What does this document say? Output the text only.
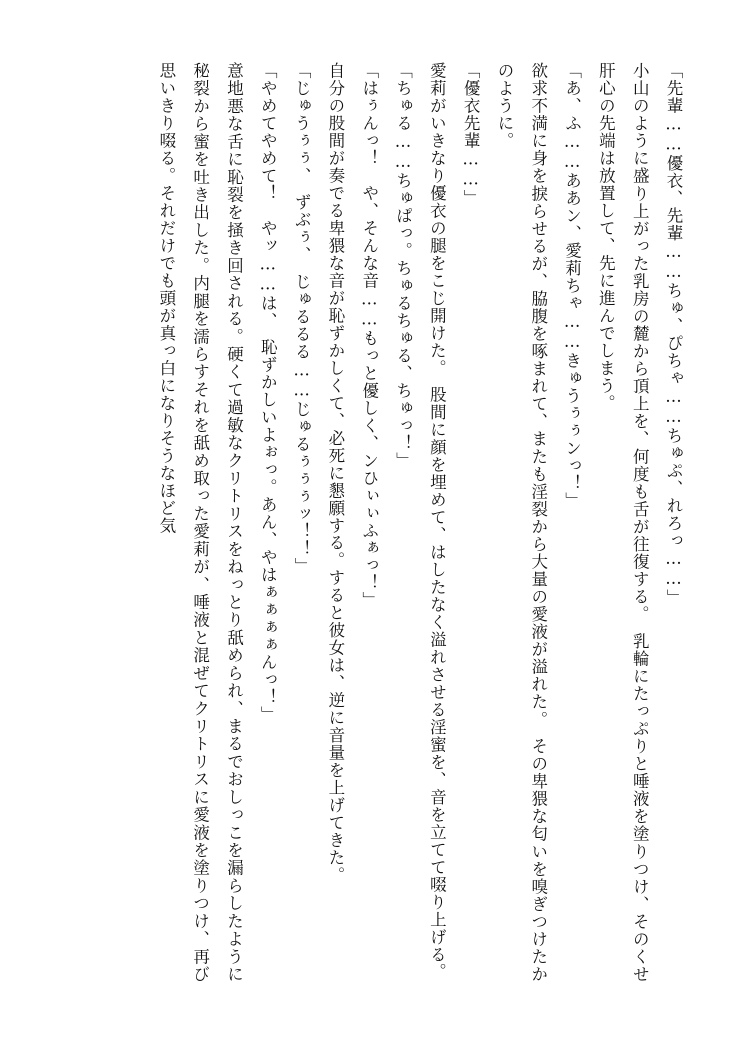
「先輩……優衣、先輩……ちゅ、ぴちゃ……ちゅぷ、れろっ……」

小山のように盛り上がった乳房の麓から頂上を、何度も舌が往復する。　乳輪にたっぷりと唾液を塗りつけ、そのくせ肝心の先端は放置して、先に進んでしまう。

「あ、ふ……ああン、愛莉ちゃ……きゅうぅぅンっ！」

欲求不満に身を捩らせるが、脇腹を啄まれて、またも淫裂から大量の愛液が溢れた。　その卑猥な匂いを嗅ぎつけたかのように。

「優衣先輩……」

愛莉がいきなり優衣の腿をこじ開けた。　股間に顔を埋めて、はしたなく溢れさせる淫蜜を、音を立てて啜り上げる。

「ちゅる……ちゅぱっ。ちゅるちゅる、ちゅっ！」

「はぅんっ！　や、そんな音……もっと優しく、ンひぃぃふぁっ！」

自分の股間が奏でる卑猥な音が恥ずかしくて、必死に懇願する。すると彼女は、逆に音量を上げてきた。

「じゅうぅぅ、　ずぶぅ、　じゅるるる……じゅるぅぅぅッ！！」

「やめてやめて！　やッ……は、　恥ずかしいよぉっ。あん、やはぁぁぁぁんっ！」

意地悪な舌に恥裂を掻き回される。硬くて過敏なクリトリスをねっとり舐められ、まるでおしっこを漏らしたように秘裂から蜜を吐き出した。内腿を濡らすそれを舐め取った愛莉が、唾液と混ぜてクリトリスに愛液を塗りつけ、再び思いきり啜る。それだけでも頭が真っ白になりそうなほど気
